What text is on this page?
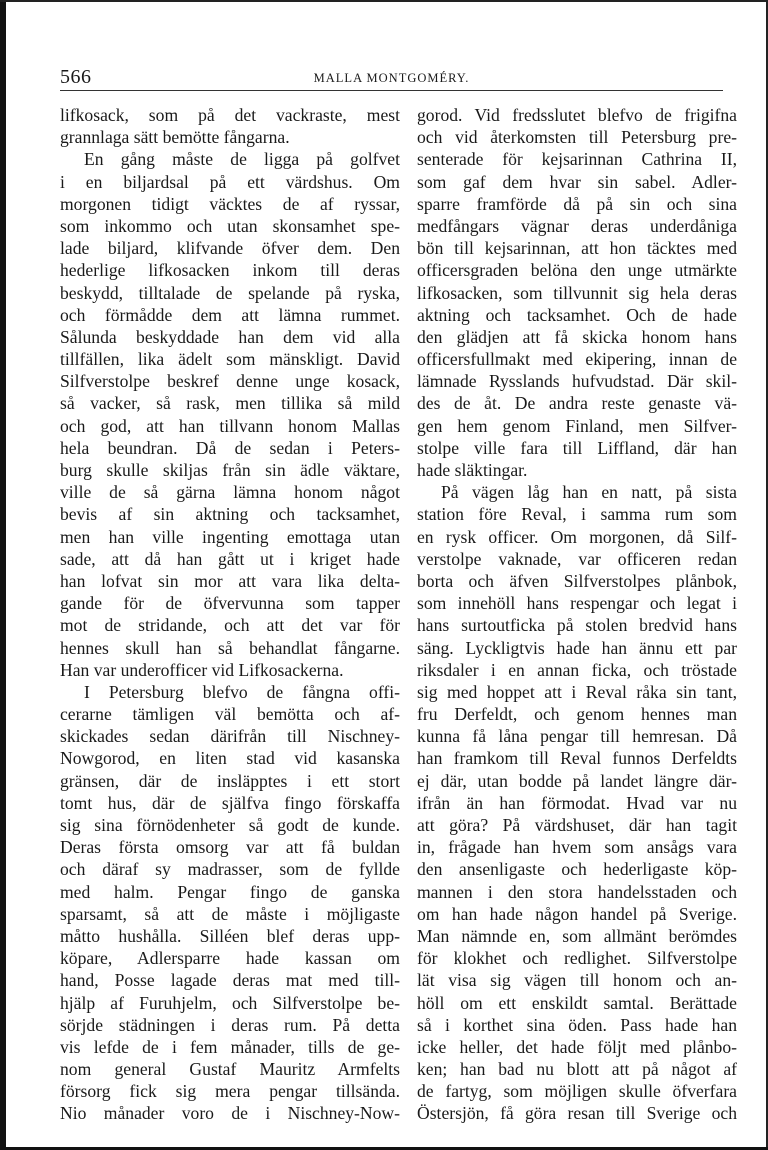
566	MALLA MONTGOMÉRY.
lifkosack, som på det vackraste, mest
grannlaga sätt bemötte fångarna.
En gång måste de ligga på golfvet
i en biljardsal på ett värdshus. Om
morgonen tidigt väcktes de af ryssar,
som inkommo och utan skonsamhet spe-
lade biljard, klifvande öfver dem. Den
hederlige lifkosacken inkom till deras
beskydd, tilltalade de spelande på ryska,
och förmådde dem att lämna rummet.
Sålunda beskyddade han dem vid alla
tillfällen, lika ädelt som mänskligt. David
Silfverstolpe beskref denne unge kosack,
så vacker, så rask, men tillika så mild
och god, att han tillvann honom Mallas
hela beundran. Då de sedan i Peters-
burg skulle skiljas från sin ädle väktare,
ville de så gärna lämna honom något
bevis af sin aktning och tacksamhet,
men han ville ingenting emottaga utan
sade, att då han gått ut i kriget hade
han lofvat sin mor att vara lika delta-
gande för de öfvervunna som tapper
mot de stridande, och att det var för
hennes skull han så behandlat fångarne.
Han var underofficer vid Lifkosackerna.
I Petersburg blefvo de fångna offi-
cerarne tämligen väl bemötta och af-
skickades sedan därifrån till Nischney-
Nowgorod, en liten stad vid kasanska
gränsen, där de insläpptes i ett stort
tomt hus, där de själfva fingo förskaffa
sig sina förnödenheter så godt de kunde.
Deras första omsorg var att få buldan
och däraf sy madrasser, som de fyllde
med halm. Pengar fingo de ganska
sparsamt, så att de måste i möjligaste
måtto hushålla. Silléen blef deras upp-
köpare, Adlersparre hade kassan om
hand, Posse lagade deras mat med till-
hjälp af Furuhjelm, och Silfverstolpe be-
sörjde städningen i deras rum. På detta
vis lefde de i fem månader, tills de ge-
nom general Gustaf Mauritz Armfelts
försorg fick sig mera pengar tillsända.
Nio månader voro de i Nischney-Now-
gorod. Vid fredsslutet blefvo de frigifna
och vid återkomsten till Petersburg pre-
senterade för kejsarinnan Cathrina II,
som gaf dem hvar sin sabel. Adler-
sparre framförde då på sin och sina
medfångars vägnar deras underdåniga
bön till kejsarinnan, att hon täcktes med
officersgraden belöna den unge utmärkte
lifkosacken, som tillvunnit sig hela deras
aktning och tacksamhet. Och de hade
den glädjen att få skicka honom hans
officersfullmakt med ekipering, innan de
lämnade Rysslands hufvudstad. Där skil-
des de åt. De andra reste genaste vä-
gen hem genom Finland, men Silfver-
stolpe ville fara till Liffland, där han
hade släktingar.
På vägen låg han en natt, på sista
station före Reval, i samma rum som
en rysk officer. Om morgonen, då Silf-
verstolpe vaknade, var officeren redan
borta och äfven Silfverstolpes plånbok,
som innehöll hans respengar och legat i
hans surtoutficka på stolen bredvid hans
säng. Lyckligtvis hade han ännu ett par
riksdaler i en annan ficka, och tröstade
sig med hoppet att i Reval råka sin tant,
fru Derfeldt, och genom hennes man
kunna få låna pengar till hemresan. Då
han framkom till Reval funnos Derfeldts
ej där, utan bodde på landet längre där-
ifrån än han förmodat. Hvad var nu
att göra? På värdshuset, där han tagit
in, frågade han hvem som ansågs vara
den ansenligaste och hederligaste köp-
mannen i den stora handelsstaden och
om han hade någon handel på Sverige.
Man nämnde en, som allmänt berömdes
för klokhet och redlighet. Silfverstolpe
lät visa sig vägen till honom och an-
höll om ett enskildt samtal. Berättade
så i korthet sina öden. Pass hade han
icke heller, det hade följt med plånbo-
ken; han bad nu blott att på något af
de fartyg, som möjligen skulle öfverfara
Östersjön, få göra resan till Sverige och
